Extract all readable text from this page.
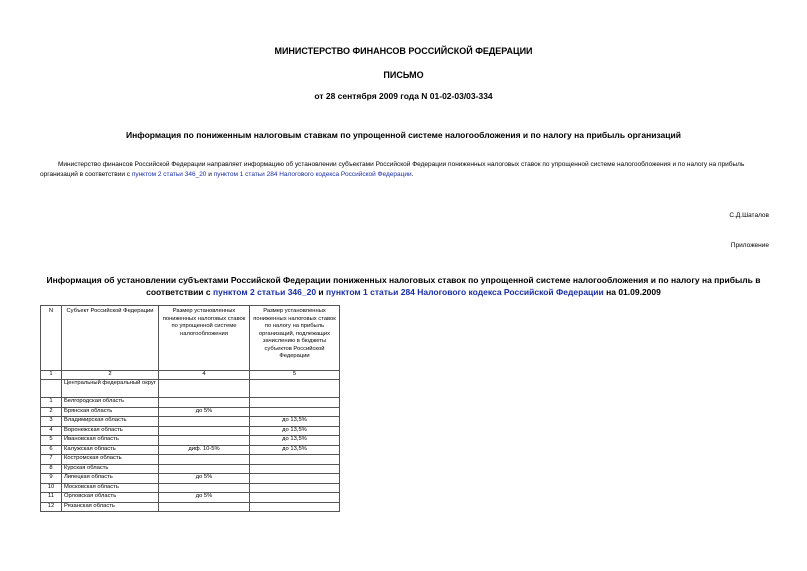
МИНИСТЕРСТВО ФИНАНСОВ РОССИЙСКОЙ ФЕДЕРАЦИИ
ПИСЬМО
от 28 сентября 2009 года N 01-02-03/03-334
Информация по пониженным налоговым ставкам по упрощенной системе налогообложения и по налогу на прибыль организаций
Министерство финансов Российской Федерации направляет информацию об установлении субъектами Российской Федерации пониженных налоговых ставок по упрощенной системе налогообложения и по налогу на прибыль организаций в соответствии с пунктом 2 статьи 346_20 и пунктом 1 статьи 284 Налогового кодекса Российской Федерации.
С.Д.Шаталов
Приложение
Информация об установлении субъектами Российской Федерации пониженных налоговых ставок по упрощенной системе налогообложения и по налогу на прибыль в соответствии с пунктом 2 статьи 346_20 и пунктом 1 статьи 284 Налогового кодекса Российской Федерации на 01.09.2009
N	Субъект Российской Федерации	Размер установленных пониженных налоговых ставок по упрощенной системе налогообложения	Размер установленных пониженных налоговых ставок по налогу на прибыль организаций, подлежащих зачислению в бюджеты субъектов Российской Федерации
1	2	4	5
	Центральный федеральный округ		
1	Белгородская область		
2	Брянская область	до 5%	
3	Владимирская область		до 13,5%
4	Воронежская область		до 13,5%
5	Ивановская область		до 13,5%
6	Калужская область	диф. 10-5%	до 13,5%
7	Костромская область		
8	Курская область		
9	Липецкая область	до 5%	
10	Московская область		
11	Орловская область	до 5%	
12	Рязанская область		
